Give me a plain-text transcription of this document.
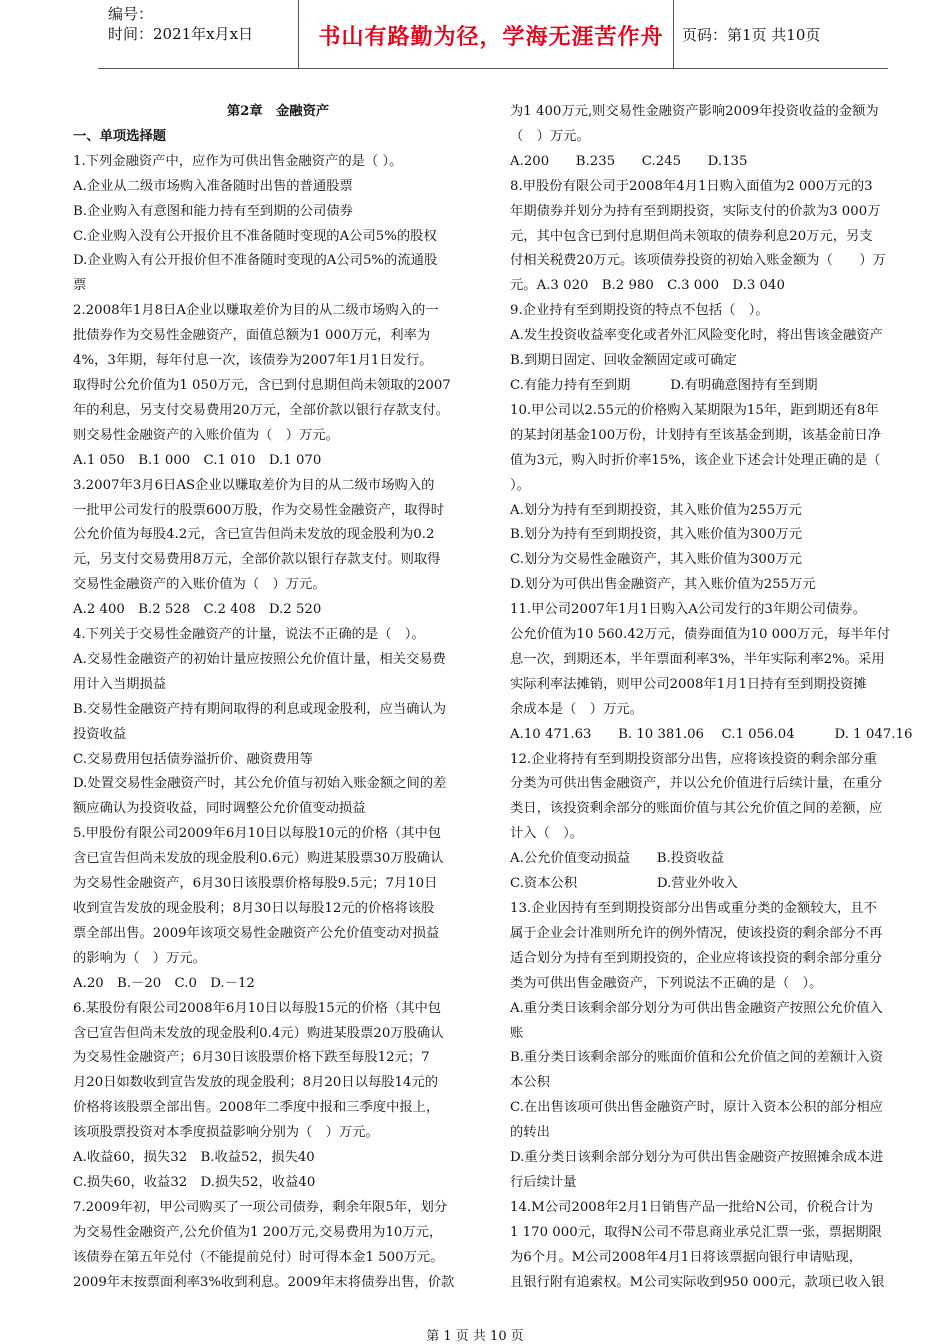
编号：
时间：2021年x月x日	书山有路勤为径，学海无涯苦作舟	页码：第1页 共10页

第2章　金融资产

一、单项选择题

1.下列金融资产中，应作为可供出售金融资产的是（ ）。

A.企业从二级市场购入准备随时出售的普通股票

B.企业购入有意图和能力持有至到期的公司债券

C.企业购入没有公开报价且不准备随时变现的A公司5%的股权

D.企业购入有公开报价但不准备随时变现的A公司5%的流通股

票

2.2008年1月8日A企业以赚取差价为目的从二级市场购入的一

批债券作为交易性金融资产，面值总额为1 000万元，利率为

4%，3年期，每年付息一次，该债券为2007年1月1日发行。

取得时公允价值为1 050万元，含已到付息期但尚未领取的2007

年的利息，另支付交易费用20万元，全部价款以银行存款支付。

则交易性金融资产的入账价值为（　）万元。

A.1 050　B.1 000　C.1 010　D.1 070

3.2007年3月6日AS企业以赚取差价为目的从二级市场购入的

一批甲公司发行的股票600万股，作为交易性金融资产，取得时

公允价值为每股4.2元，含已宣告但尚未发放的现金股利为0.2

元，另支付交易费用8万元，全部价款以银行存款支付。则取得

交易性金融资产的入账价值为（　）万元。

A.2 400　B.2 528　C.2 408　D.2 520

4.下列关于交易性金融资产的计量，说法不正确的是（　）。

A.交易性金融资产的初始计量应按照公允价值计量，相关交易费

用计入当期损益

B.交易性金融资产持有期间取得的利息或现金股利，应当确认为

投资收益

C.交易费用包括债券溢折价、融资费用等

D.处置交易性金融资产时，其公允价值与初始入账金额之间的差

额应确认为投资收益，同时调整公允价值变动损益

5.甲股份有限公司2009年6月10日以每股10元的价格（其中包

含已宣告但尚未发放的现金股利0.6元）购进某股票30万股确认

为交易性金融资产，6月30日该股票价格每股9.5元；7月10日

收到宣告发放的现金股利；8月30日以每股12元的价格将该股

票全部出售。2009年该项交易性金融资产公允价值变动对损益

的影响为（　）万元。

A.20　B.－20　C.0　D.－12

6.某股份有限公司2008年6月10日以每股15元的价格（其中包

含已宣告但尚未发放的现金股利0.4元）购进某股票20万股确认

为交易性金融资产；6月30日该股票价格下跌至每股12元；7

月20日如数收到宣告发放的现金股利；8月20日以每股14元的

价格将该股票全部出售。2008年二季度中报和三季度中报上，

该项股票投资对本季度损益影响分别为（　）万元。

A.收益60，损失32　B.收益52，损失40

C.损失60，收益32　D.损失52，收益40

7.2009年初，甲公司购买了一项公司债券，剩余年限5年，划分

为交易性金融资产,公允价值为1 200万元,交易费用为10万元，

该债券在第五年兑付（不能提前兑付）时可得本金1 500万元。

2009年末按票面利率3%收到利息。2009年末将债券出售，价款

为1 400万元,则交易性金融资产影响2009年投资收益的金额为

（　）万元。

A.200　　B.235　　C.245　　D.135

8.甲股份有限公司于2008年4月1日购入面值为2 000万元的3

年期债券并划分为持有至到期投资，实际支付的价款为3 000万

元，其中包含已到付息期但尚未领取的债券利息20万元，另支

付相关税费20万元。该项债券投资的初始入账金额为（　　）万

元。A.3 020　B.2 980　C.3 000　D.3 040

9.企业持有至到期投资的特点不包括（　）。

A.发生投资收益率变化或者外汇风险变化时，将出售该金融资产

B.到期日固定、回收金额固定或可确定

C.有能力持有至到期　　　D.有明确意图持有至到期

10.甲公司以2.55元的价格购入某期限为15年，距到期还有8年

的某封闭基金100万份，计划持有至该基金到期，该基金前日净

值为3元，购入时折价率15%，该企业下述会计处理正确的是（

）。

A.划分为持有至到期投资，其入账价值为255万元

B.划分为持有至到期投资，其入账价值为300万元

C.划分为交易性金融资产，其入账价值为300万元

D.划分为可供出售金融资产，其入账价值为255万元

11.甲公司2007年1月1日购入A公司发行的3年期公司债券。

公允价值为10 560.42万元，债券面值为10 000万元，每半年付

息一次，到期还本，半年票面利率3%，半年实际利率2%。采用

实际利率法摊销，则甲公司2008年1月1日持有至到期投资摊

余成本是（　）万元。

A.10 471.63　　B. 10 381.06　 C.1 056.04　　　D. 1 047.16

12.企业将持有至到期投资部分出售，应将该投资的剩余部分重

分类为可供出售金融资产，并以公允价值进行后续计量，在重分

类日，该投资剩余部分的账面价值与其公允价值之间的差额，应

计入（　）。

A.公允价值变动损益　　B.投资收益

C.资本公积　　　　　　D.营业外收入

13.企业因持有至到期投资部分出售或重分类的金额较大，且不

属于企业会计准则所允许的例外情况，使该投资的剩余部分不再

适合划分为持有至到期投资的，企业应将该投资的剩余部分重分

类为可供出售金融资产，下列说法不正确的是（　）。

A.重分类日该剩余部分划分为可供出售金融资产按照公允价值入

账

B.重分类日该剩余部分的账面价值和公允价值之间的差额计入资

本公积

C.在出售该项可供出售金融资产时，原计入资本公积的部分相应

的转出

D.重分类日该剩余部分划分为可供出售金融资产按照摊余成本进

行后续计量

14.M公司2008年2月1日销售产品一批给N公司，价税合计为

1 170 000元，取得N公司不带息商业承兑汇票一张，票据期限

为6个月。M公司2008年4月1日将该票据向银行申请贴现，

且银行附有追索权。M公司实际收到950 000元，款项已收入银

第 1 页 共 10 页
